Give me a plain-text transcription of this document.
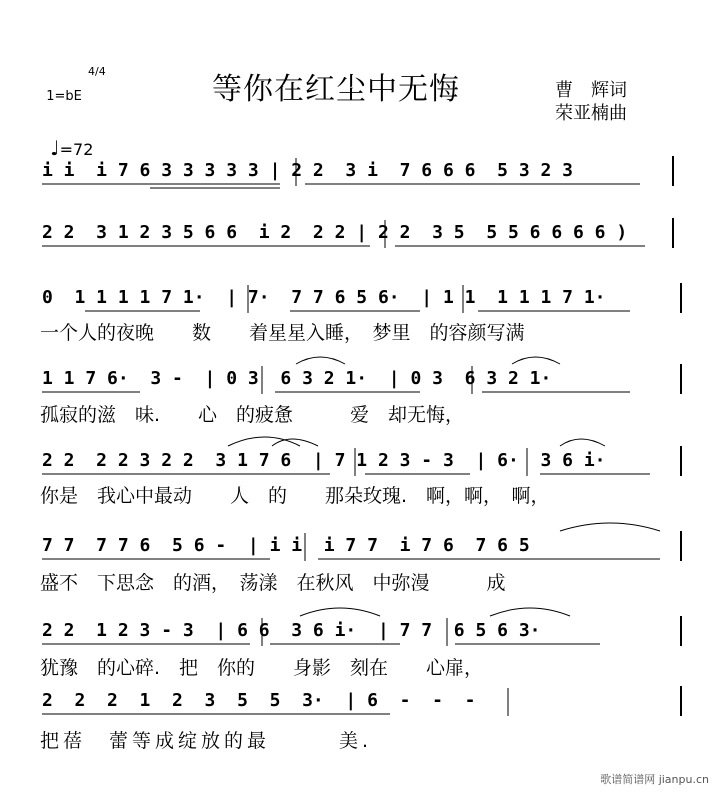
等你在红尘中无悔	曹　辉词
荣亚楠曲

1=bE

4/4

♩=72

i i  i 7 6 3 3 3 3 3 | 2 2  3 i  7 6 6 6  5 3 2 3
2 2  3 1 2 3 5 6 6  i 2  2 2 | 2 2  3 5  5 5 6 6 6 6 )
0  1 1 1 1 7 1·  | 7·  7 7 6 5 6·  | 1 1  1 1 1 7 1·
一个人的夜晚　　数　　着星星入睡，　梦里　的容颜写满
1 1 7 6·  3 -  | 0 3  6 3 2 1·  | 0 3  6 3 2 1·
孤寂的滋　味.　　心　的疲惫　　　爱　却无悔，
2 2  2 2 3 2 2  3 1 7 6  | 7 1 2 3 - 3  | 6·  3 6 i·
你是　我心中最动　　人　的　　那朵玫瑰.　啊，啊，　啊，
7 7  7 7 6  5 6 -  | i i  i 7 7  i 7 6  7 6 5
盛不　下思念　的酒，　荡漾　在秋风　中弥漫　　　成
2 2  1 2 3 - 3  | 6 6  3 6 i·  | 7 7  6 5 6 3·
犹豫　的心碎.　把　你的　　身影　刻在　　心扉，
2  2  2  1  2  3  5  5  3·  | 6  -  -  -
把蓓　蕾等成绽放的最　　　美.
歌谱简谱网 jianpu.cn
